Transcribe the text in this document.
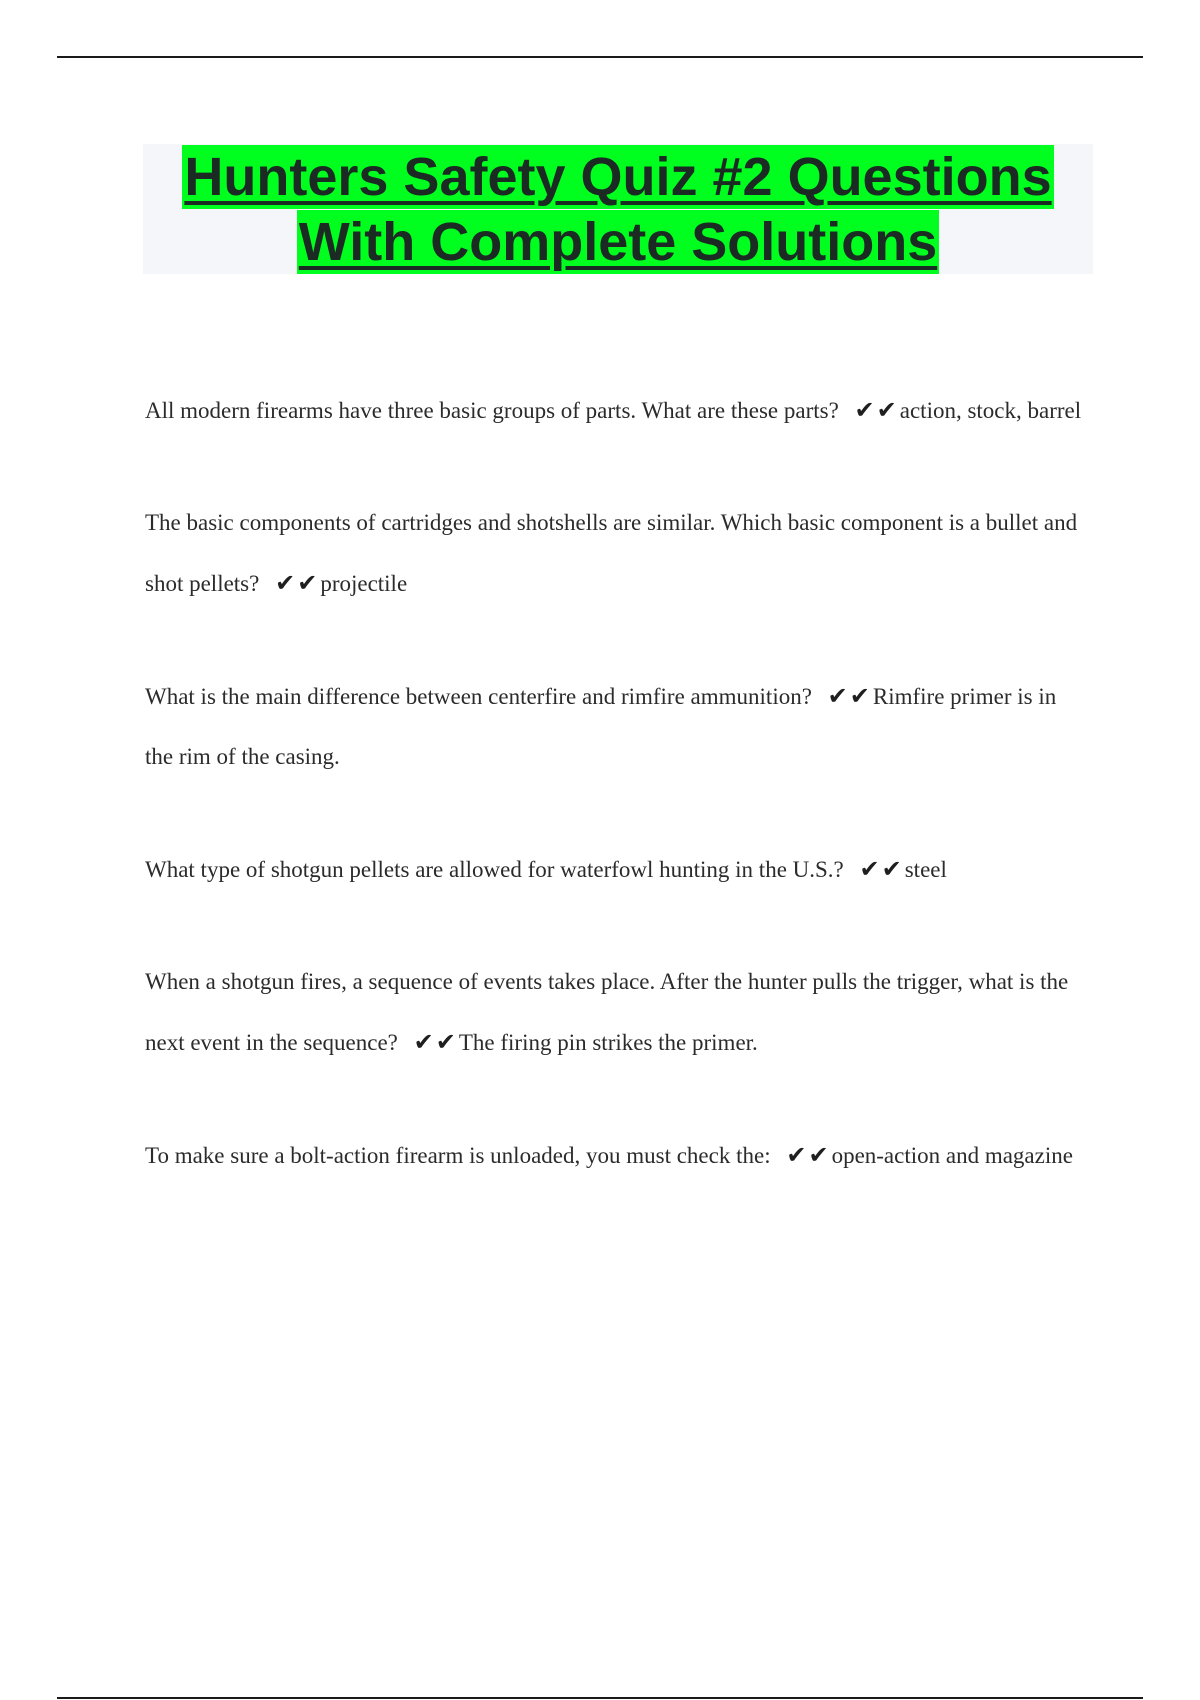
Hunters Safety Quiz #2 Questions
With Complete Solutions

All modern firearms have three basic groups of parts. What are these parts? ✔✔action, stock, barrel

The basic components of cartridges and shotshells are similar. Which basic component is a bullet and shot pellets? ✔✔projectile

What is the main difference between centerfire and rimfire ammunition? ✔✔Rimfire primer is in the rim of the casing.

What type of shotgun pellets are allowed for waterfowl hunting in the U.S.? ✔✔steel

When a shotgun fires, a sequence of events takes place. After the hunter pulls the trigger, what is the next event in the sequence? ✔✔The firing pin strikes the primer.

To make sure a bolt-action firearm is unloaded, you must check the: ✔✔open-action and magazine
